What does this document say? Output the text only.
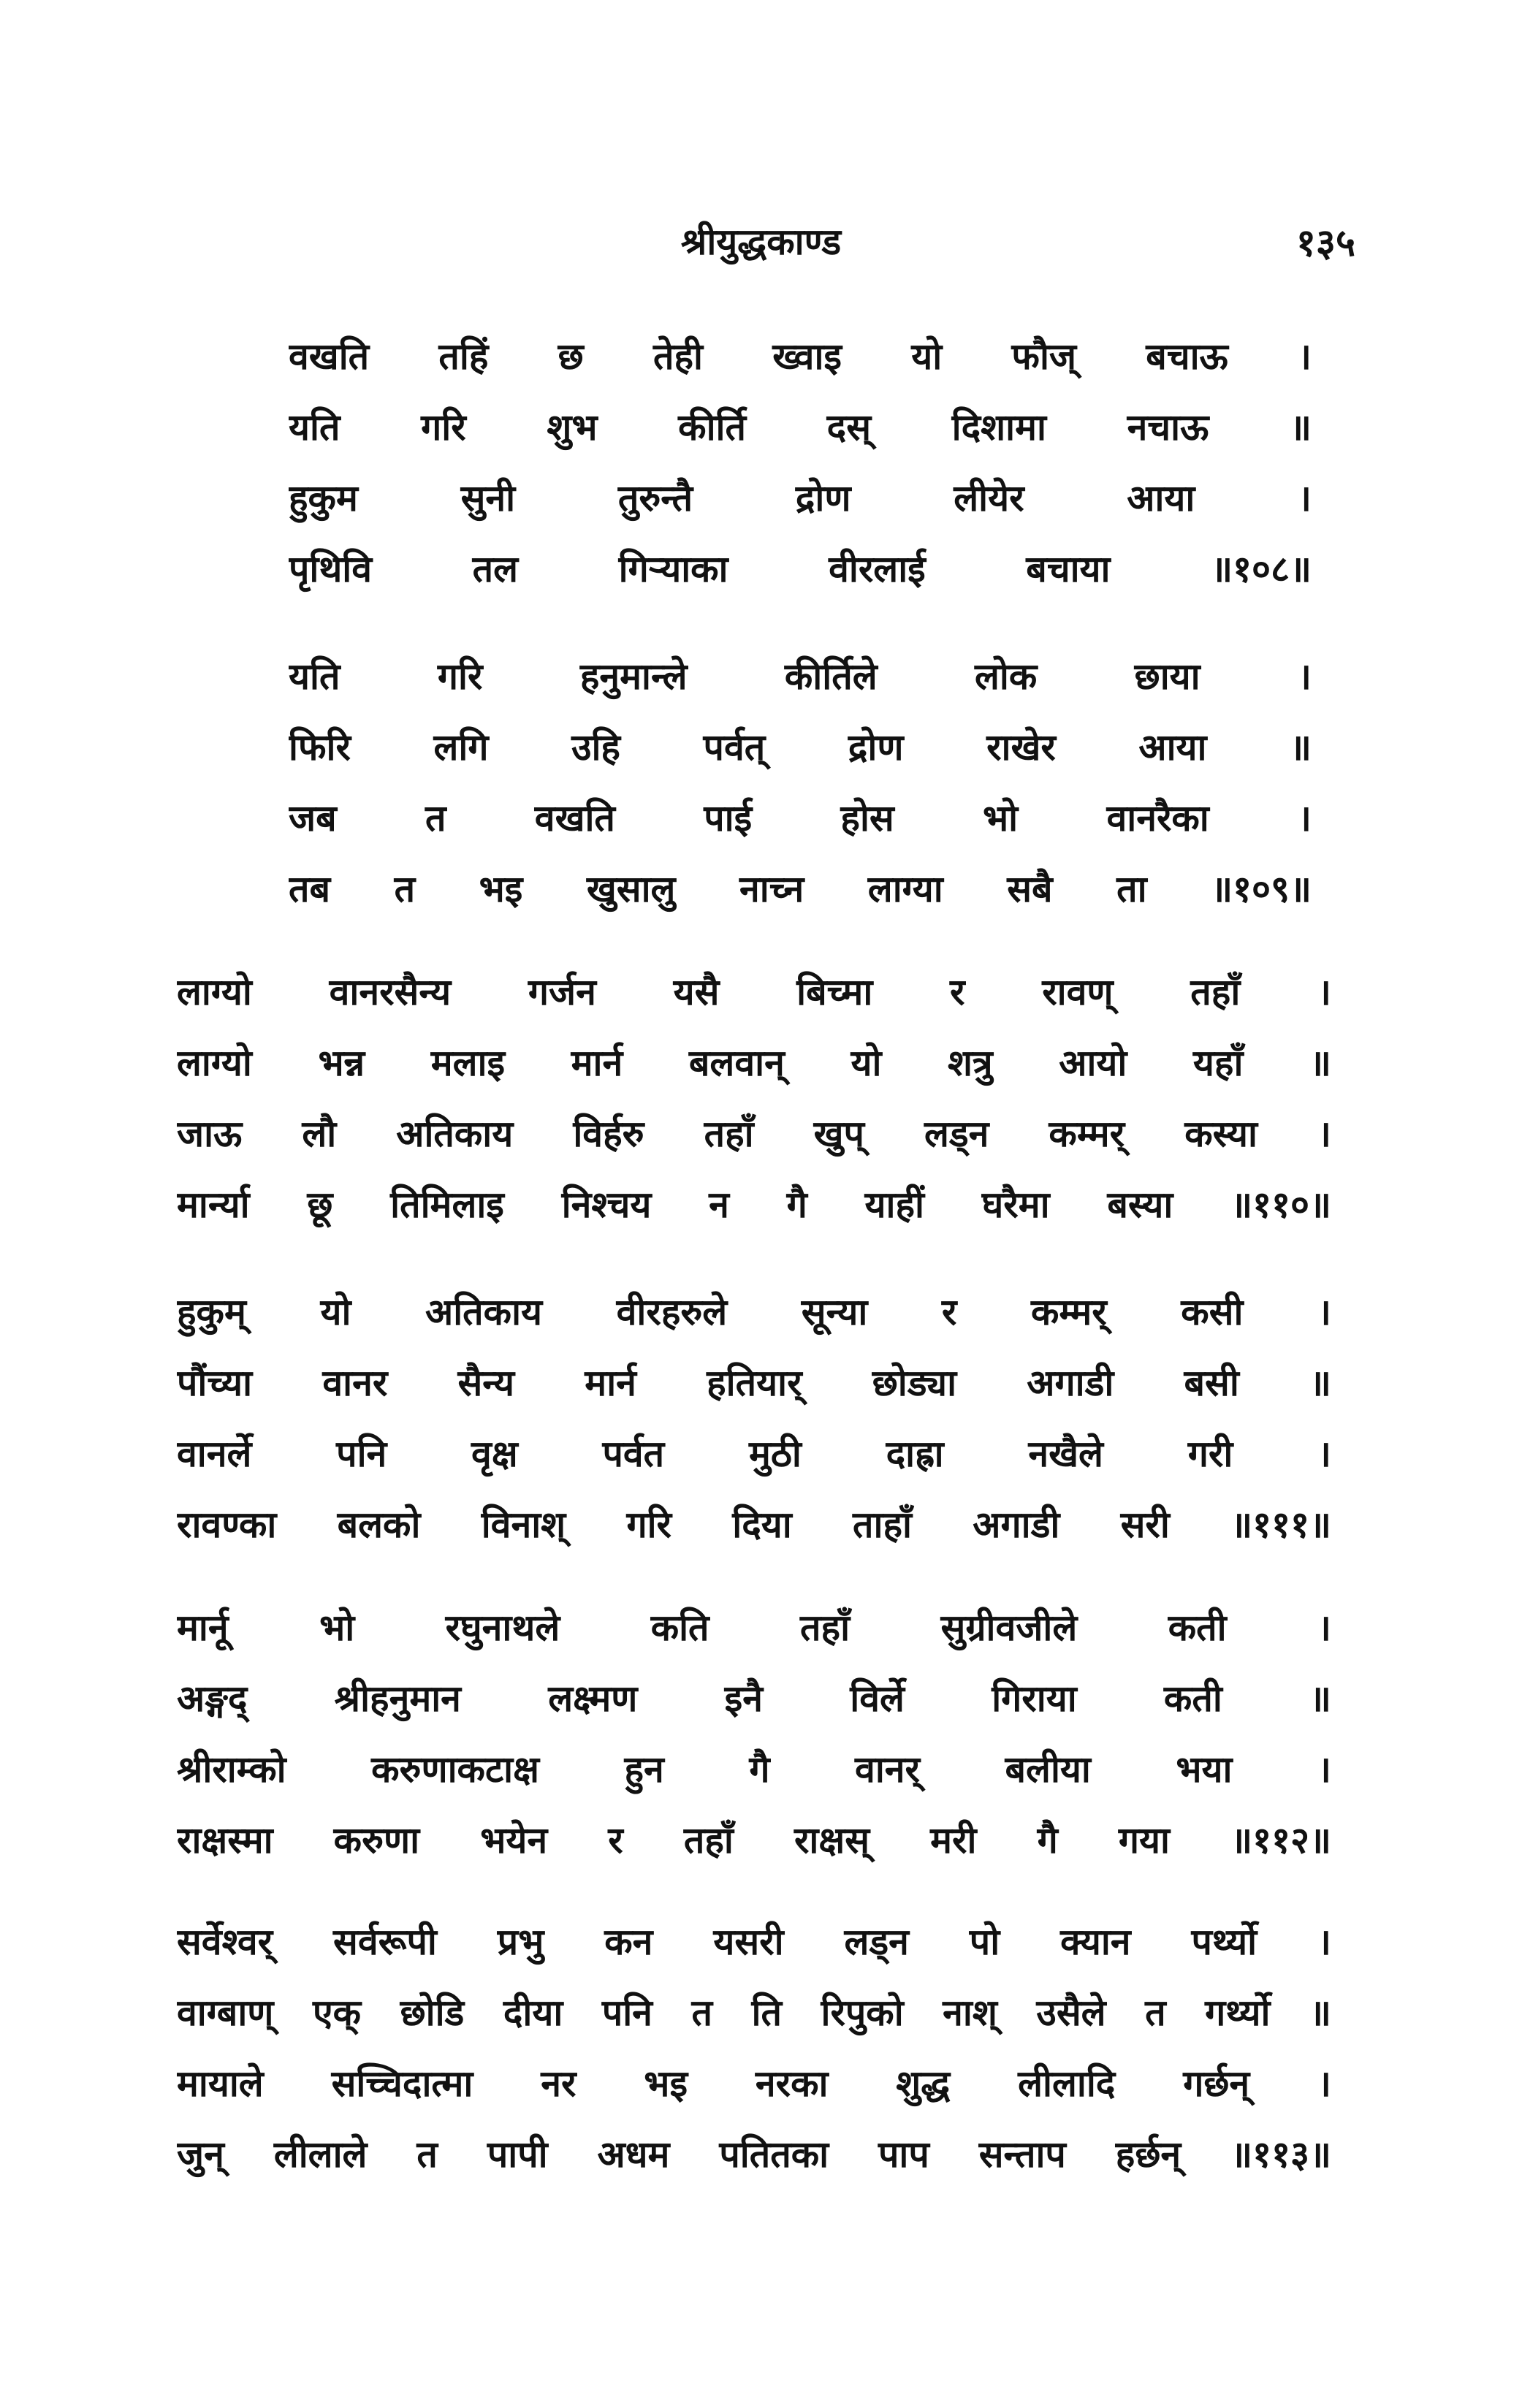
श्रीयुद्धकाण्ड	१३५
वखति तहिं छ तेही ख्वाइ यो फौज् बचाऊ ।
यति गरि शुभ कीर्ति दस् दिशामा नचाऊ ॥
हुकुम सुनी तुरुन्तै द्रोण लीयेर आया ।
पृथिवि तल गिऱ्याका वीरलाई बचाया ॥१०८॥
यति गरि हनुमान्ले कीर्तिले लोक छाया ।
फिरि लगि उहि पर्वत् द्रोण राखेर आया ॥
जब त वखति पाई होस भो वानरैका ।
तब त भइ खुसालु नाच्न लाग्या सबै ता ॥१०९॥
लाग्यो वानरसैन्य गर्जन यसै बिच्मा र रावण् तहाँ ।
लाग्यो भन्न मलाइ मार्न बलवान् यो शत्रु आयो यहाँ ॥
जाऊ लौ अतिकाय विर्हरु तहाँ खुप् लड्न कम्मर् कस्या ।
मार्न्या छू तिमिलाइ निश्चय न गै याहीं घरैमा बस्या ॥११०॥
हुकुम् यो अतिकाय वीरहरुले सून्या र कम्मर् कसी ।
पौंच्या वानर सैन्य मार्न हतियार् छोड्या अगाडी बसी ॥
वानर्ले पनि वृक्ष पर्वत मुठी दाह्रा नखैले गरी ।
रावण्का बलको विनाश् गरि दिया ताहाँ अगाडी सरी ॥१११॥
मार्नू भो रघुनाथले कति तहाँ सुग्रीवजीले कती ।
अङ्गद् श्रीहनुमान लक्ष्मण इनै विर्ले गिराया कती ॥
श्रीराम्को करुणाकटाक्ष हुन गै वानर् बलीया भया ।
राक्षस्मा करुणा भयेन र तहाँ राक्षस् मरी गै गया ॥११२॥
सर्वेश्वर् सर्वरूपी प्रभु कन यसरी लड्न पो क्यान पर्थ्यो ।
वाग्बाण् एक् छोडि दीया पनि त ति रिपुको नाश् उसैले त गर्थ्यो ॥
मायाले सच्चिदात्मा नर भइ नरका शुद्ध लीलादि गर्छन् ।
जुन् लीलाले त पापी अधम पतितका पाप सन्ताप हर्छन् ॥११३॥
